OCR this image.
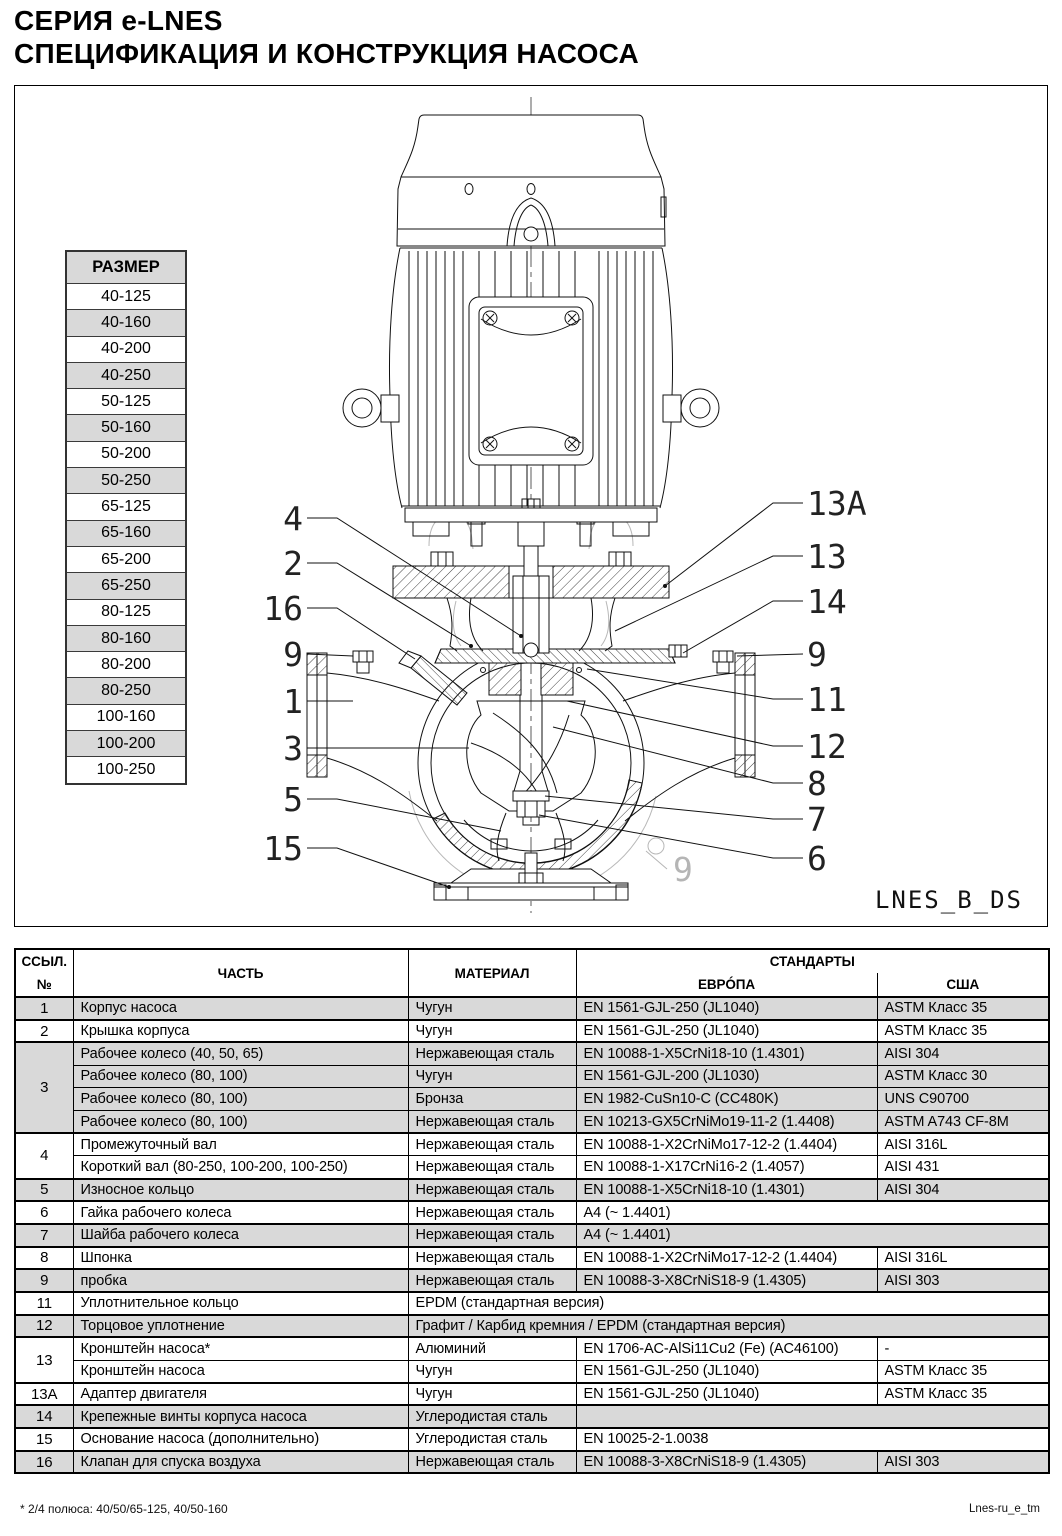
СЕРИЯ e-LNES
СПЕЦИФИКАЦИЯ И КОНСТРУКЦИЯ НАСОСА
4
2
16
9
1
3
5
15
13A
13
14
9
11
12
8
7
6
9
РАЗМЕР
40-125
40-160
40-200
40-250
50-125
50-160
50-200
50-250
65-125
65-160
65-200
65-250
80-125
80-160
80-200
80-250
100-160
100-200
100-250
LNES_B_DS
ССЫЛ.	ЧАСТЬ	МАТЕРИАЛ	СТАНДАРТЫ	
№			ЕВРÓПА	США
1	Корпус насоса	Чугун	EN 1561-GJL-250 (JL1040)	ASTM Класс 35
2	Крышка корпуса	Чугун	EN 1561-GJL-250 (JL1040)	ASTM Класс 35
3	Рабочее колесо (40, 50, 65)	Нержавеющая сталь	EN 10088-1-X5CrNi18-10 (1.4301)	AISI 304
	Рабочее колесо (80, 100)	Чугун	EN 1561-GJL-200 (JL1030)	ASTM Класс 30
	Рабочее колесо (80, 100)	Бронза	EN 1982-CuSn10-C (CC480K)	UNS C90700
	Рабочее колесо (80, 100)	Нержавеющая сталь	EN 10213-GX5CrNiMo19-11-2 (1.4408)	ASTM A743 CF-8M
4	Промежуточный вал	Нержавеющая сталь	EN 10088-1-X2CrNiMo17-12-2 (1.4404)	AISI 316L
	Короткий вал (80-250, 100-200, 100-250)	Нержавеющая сталь	EN 10088-1-X17CrNi16-2 (1.4057)	AISI 431
5	Износное кольцо	Нержавеющая сталь	EN 10088-1-X5CrNi18-10 (1.4301)	AISI 304
6	Гайка рабочего колеса	Нержавеющая сталь	A4 (~ 1.4401)	
7	Шайба рабочего колеса	Нержавеющая сталь	A4 (~ 1.4401)	
8	Шпонка	Нержавеющая сталь	EN 10088-1-X2CrNiMo17-12-2 (1.4404)	AISI 316L
9	пробка	Нержавеющая сталь	EN 10088-3-X8CrNiS18-9 (1.4305)	AISI 303
11	Уплотнительное кольцо	EPDM (стандартная версия)		
12	Торцовое уплотнение	Графит / Карбид кремния / EPDM (стандартная версия)		
13	Кронштейн насоса*	Алюминий	EN 1706-AC-AlSi11Cu2 (Fe) (AC46100)	-
	Кронштейн насоса	Чугун	EN 1561-GJL-250 (JL1040)	ASTM Класс 35
13A	Адаптер двигателя	Чугун	EN 1561-GJL-250 (JL1040)	ASTM Класс 35
14	Крепежные винты корпуса насоса	Углеродистая сталь		
15	Основание насоса (дополнительно)	Углеродистая сталь	EN 10025-2-1.0038	
16	Клапан для спуска воздуха	Нержавеющая сталь	EN 10088-3-X8CrNiS18-9 (1.4305)	AISI 303
* 2/4 полюса: 40/50/65-125, 40/50-160	Lnes-ru_e_tm
